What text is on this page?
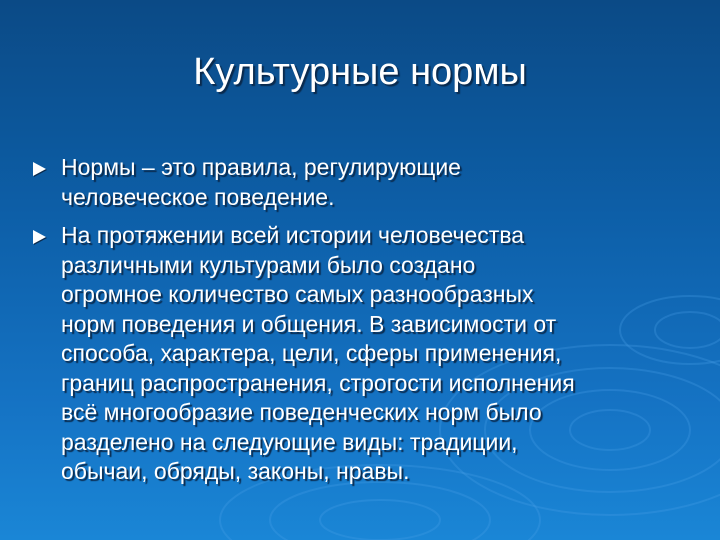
Культурные нормы
Нормы – это правила, регулирующие
человеческое поведение.
На протяжении всей истории человечества
различными культурами было создано
огромное количество самых разнообразных
норм поведения и общения. В зависимости от
способа, характера, цели, сферы применения,
границ распространения, строгости исполнения
всё многообразие поведенческих норм было
разделено на следующие виды: традиции,
обычаи, обряды, законы, нравы.
